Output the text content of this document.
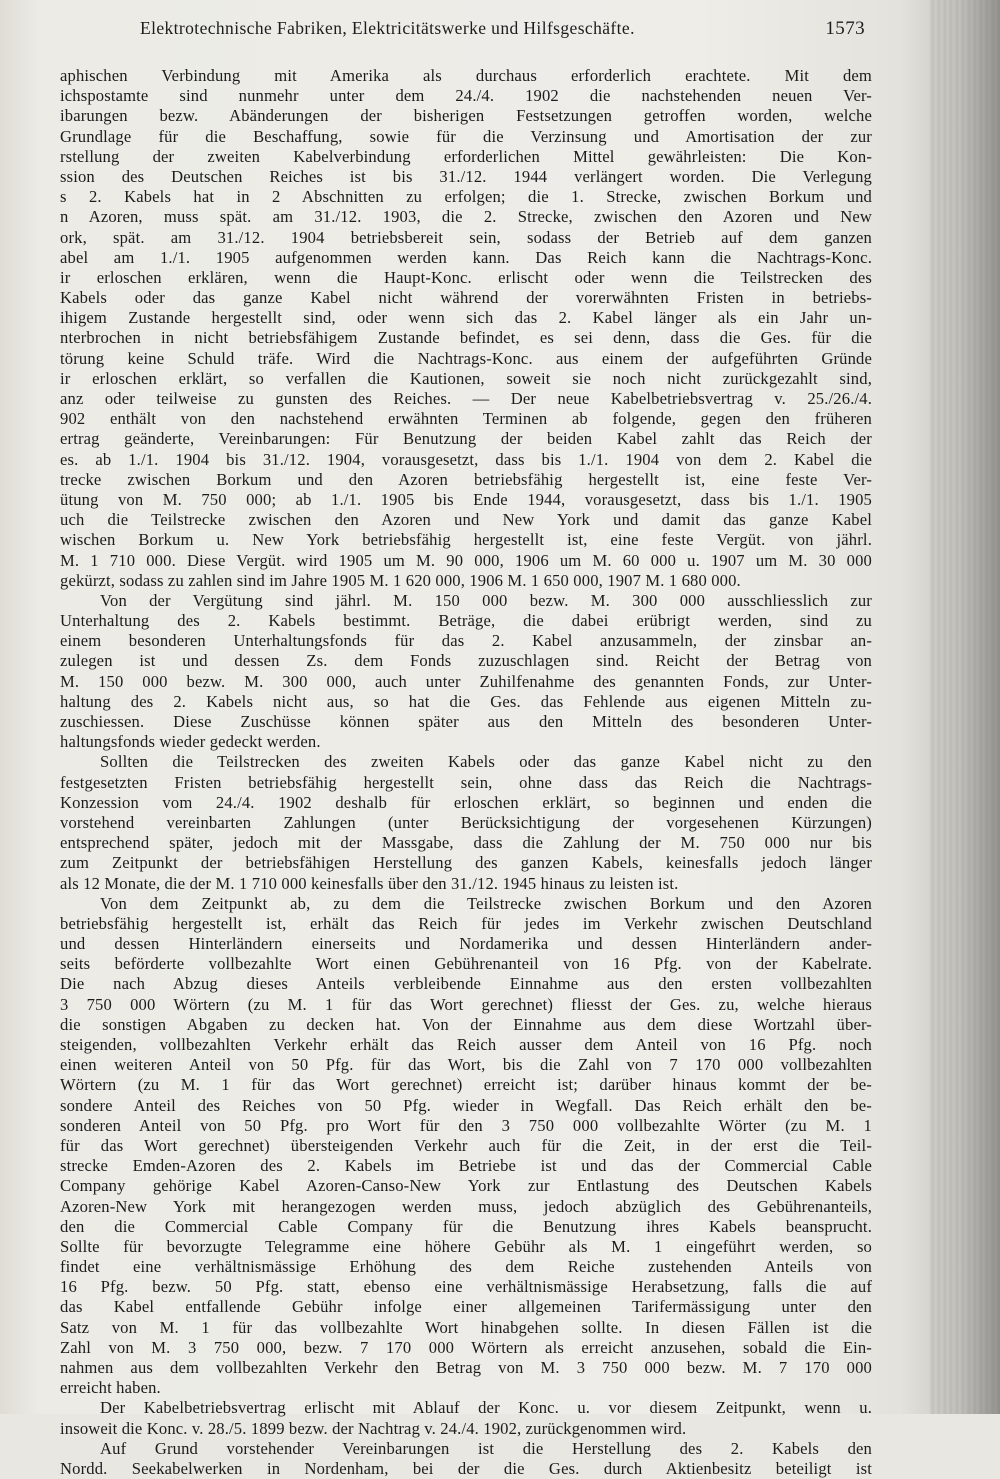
Elektrotechnische Fabriken, Elektricitätswerke und Hilfsgeschäfte.	1573
aphischen Verbindung mit Amerika als durchaus erforderlich erachtete. Mit dem
ichspostamte sind nunmehr unter dem 24./4. 1902 die nachstehenden neuen Ver-
ibarungen bezw. Abänderungen der bisherigen Festsetzungen getroffen worden, welche
Grundlage für die Beschaffung, sowie für die Verzinsung und Amortisation der zur
rstellung der zweiten Kabelverbindung erforderlichen Mittel gewährleisten: Die Kon-
ssion des Deutschen Reiches ist bis 31./12. 1944 verlängert worden. Die Verlegung
s 2. Kabels hat in 2 Abschnitten zu erfolgen; die 1. Strecke, zwischen Borkum und
n Azoren, muss spät. am 31./12. 1903, die 2. Strecke, zwischen den Azoren und New
ork, spät. am 31./12. 1904 betriebsbereit sein, sodass der Betrieb auf dem ganzen
abel am 1./1. 1905 aufgenommen werden kann. Das Reich kann die Nachtrags-Konc.
ir erloschen erklären, wenn die Haupt-Konc. erlischt oder wenn die Teilstrecken des
Kabels oder das ganze Kabel nicht während der vorerwähnten Fristen in betriebs-
ihigem Zustande hergestellt sind, oder wenn sich das 2. Kabel länger als ein Jahr un-
nterbrochen in nicht betriebsfähigem Zustande befindet, es sei denn, dass die Ges. für die
törung keine Schuld träfe. Wird die Nachtrags-Konc. aus einem der aufgeführten Gründe
ir erloschen erklärt, so verfallen die Kautionen, soweit sie noch nicht zurückgezahlt sind,
anz oder teilweise zu gunsten des Reiches. — Der neue Kabelbetriebsvertrag v. 25./26./4.
902 enthält von den nachstehend erwähnten Terminen ab folgende, gegen den früheren
ertrag geänderte, Vereinbarungen: Für Benutzung der beiden Kabel zahlt das Reich der
es. ab 1./1. 1904 bis 31./12. 1904, vorausgesetzt, dass bis 1./1. 1904 von dem 2. Kabel die
trecke zwischen Borkum und den Azoren betriebsfähig hergestellt ist, eine feste Ver-
ütung von M. 750 000; ab 1./1. 1905 bis Ende 1944, vorausgesetzt, dass bis 1./1. 1905
uch die Teilstrecke zwischen den Azoren und New York und damit das ganze Kabel
wischen Borkum u. New York betriebsfähig hergestellt ist, eine feste Vergüt. von jährl.
M. 1 710 000. Diese Vergüt. wird 1905 um M. 90 000, 1906 um M. 60 000 u. 1907 um M. 30 000
gekürzt, sodass zu zahlen sind im Jahre 1905 M. 1 620 000, 1906 M. 1 650 000, 1907 M. 1 680 000.
Von der Vergütung sind jährl. M. 150 000 bezw. M. 300 000 ausschliesslich zur
Unterhaltung des 2. Kabels bestimmt. Beträge, die dabei erübrigt werden, sind zu
einem besonderen Unterhaltungsfonds für das 2. Kabel anzusammeln, der zinsbar an-
zulegen ist und dessen Zs. dem Fonds zuzuschlagen sind. Reicht der Betrag von
M. 150 000 bezw. M. 300 000, auch unter Zuhilfenahme des genannten Fonds, zur Unter-
haltung des 2. Kabels nicht aus, so hat die Ges. das Fehlende aus eigenen Mitteln zu-
zuschiessen. Diese Zuschüsse können später aus den Mitteln des besonderen Unter-
haltungsfonds wieder gedeckt werden.
Sollten die Teilstrecken des zweiten Kabels oder das ganze Kabel nicht zu den
festgesetzten Fristen betriebsfähig hergestellt sein, ohne dass das Reich die Nachtrags-
Konzession vom 24./4. 1902 deshalb für erloschen erklärt, so beginnen und enden die
vorstehend vereinbarten Zahlungen (unter Berücksichtigung der vorgesehenen Kürzungen)
entsprechend später, jedoch mit der Massgabe, dass die Zahlung der M. 750 000 nur bis
zum Zeitpunkt der betriebsfähigen Herstellung des ganzen Kabels, keinesfalls jedoch länger
als 12 Monate, die der M. 1 710 000 keinesfalls über den 31./12. 1945 hinaus zu leisten ist.
Von dem Zeitpunkt ab, zu dem die Teilstrecke zwischen Borkum und den Azoren
betriebsfähig hergestellt ist, erhält das Reich für jedes im Verkehr zwischen Deutschland
und dessen Hinterländern einerseits und Nordamerika und dessen Hinterländern ander-
seits beförderte vollbezahlte Wort einen Gebührenanteil von 16 Pfg. von der Kabelrate.
Die nach Abzug dieses Anteils verbleibende Einnahme aus den ersten vollbezahlten
3 750 000 Wörtern (zu M. 1 für das Wort gerechnet) fliesst der Ges. zu, welche hieraus
die sonstigen Abgaben zu decken hat. Von der Einnahme aus dem diese Wortzahl über-
steigenden, vollbezahlten Verkehr erhält das Reich ausser dem Anteil von 16 Pfg. noch
einen weiteren Anteil von 50 Pfg. für das Wort, bis die Zahl von 7 170 000 vollbezahlten
Wörtern (zu M. 1 für das Wort gerechnet) erreicht ist; darüber hinaus kommt der be-
sondere Anteil des Reiches von 50 Pfg. wieder in Wegfall. Das Reich erhält den be-
sonderen Anteil von 50 Pfg. pro Wort für den 3 750 000 vollbezahlte Wörter (zu M. 1
für das Wort gerechnet) übersteigenden Verkehr auch für die Zeit, in der erst die Teil-
strecke Emden-Azoren des 2. Kabels im Betriebe ist und das der Commercial Cable
Company gehörige Kabel Azoren-Canso-New York zur Entlastung des Deutschen Kabels
Azoren-New York mit herangezogen werden muss, jedoch abzüglich des Gebührenanteils,
den die Commercial Cable Company für die Benutzung ihres Kabels beansprucht.
Sollte für bevorzugte Telegramme eine höhere Gebühr als M. 1 eingeführt werden, so
findet eine verhältnismässige Erhöhung des dem Reiche zustehenden Anteils von
16 Pfg. bezw. 50 Pfg. statt, ebenso eine verhältnismässige Herabsetzung, falls die auf
das Kabel entfallende Gebühr infolge einer allgemeinen Tarifermässigung unter den
Satz von M. 1 für das vollbezahlte Wort hinabgehen sollte. In diesen Fällen ist die
Zahl von M. 3 750 000, bezw. 7 170 000 Wörtern als erreicht anzusehen, sobald die Ein-
nahmen aus dem vollbezahlten Verkehr den Betrag von M. 3 750 000 bezw. M. 7 170 000
erreicht haben.
Der Kabelbetriebsvertrag erlischt mit Ablauf der Konc. u. vor diesem Zeitpunkt, wenn u.
insoweit die Konc. v. 28./5. 1899 bezw. der Nachtrag v. 24./4. 1902, zurückgenommen wird.
Auf Grund vorstehender Vereinbarungen ist die Herstellung des 2. Kabels den
Nordd. Seekabelwerken in Nordenham, bei der die Ges. durch Aktienbesitz beteiligt ist
